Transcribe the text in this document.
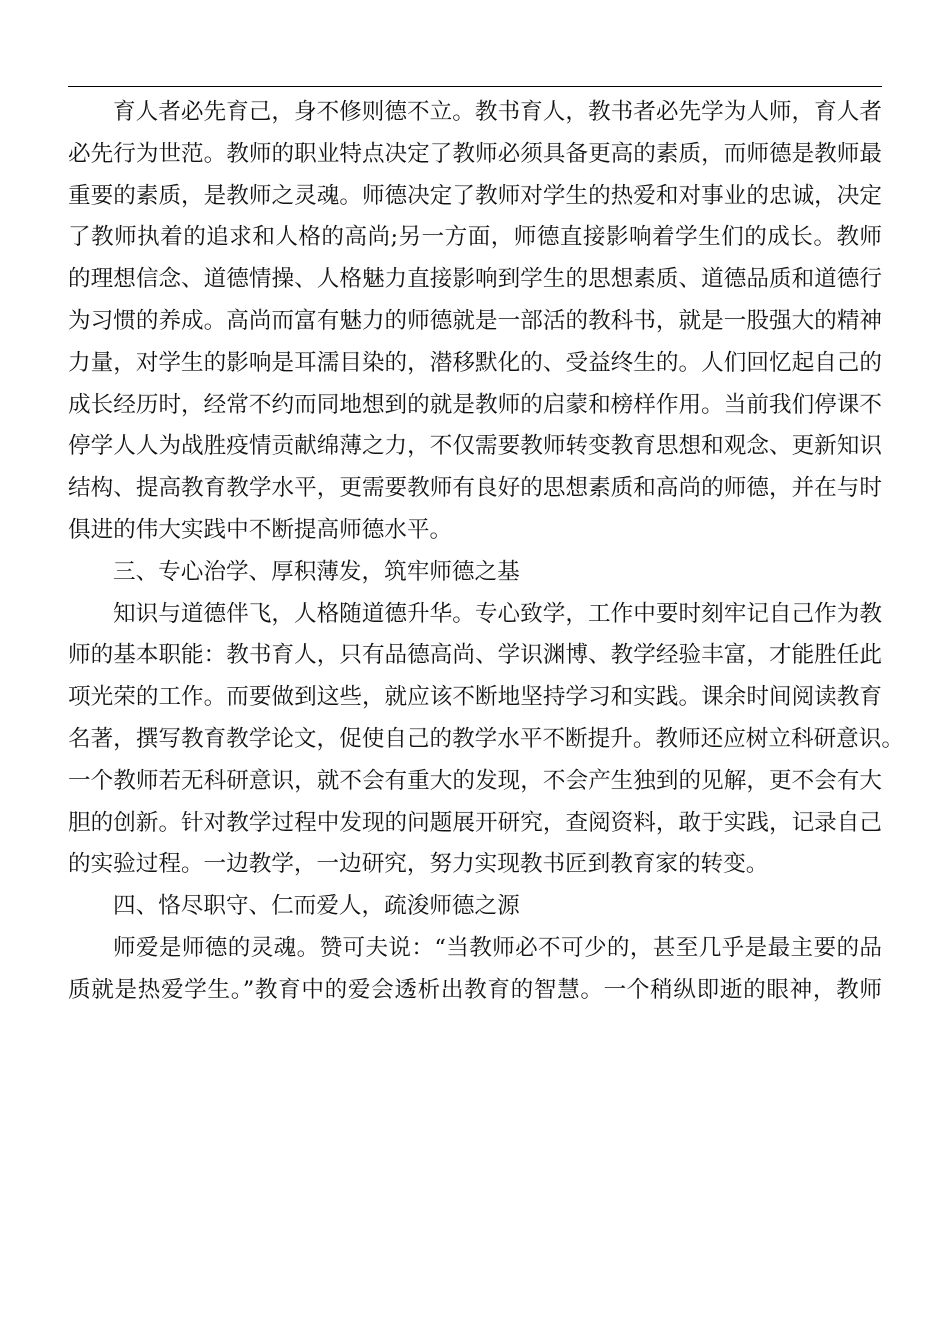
育人者必先育己，身不修则德不立。教书育人，教书者必先学为人师，育人者
必先行为世范。教师的职业特点决定了教师必须具备更高的素质，而师德是教师最
重要的素质，是教师之灵魂。师德决定了教师对学生的热爱和对事业的忠诚，决定
了教师执着的追求和人格的高尚;另一方面，师德直接影响着学生们的成长。教师
的理想信念、道德情操、人格魅力直接影响到学生的思想素质、道德品质和道德行
为习惯的养成。高尚而富有魅力的师德就是一部活的教科书，就是一股强大的精神
力量，对学生的影响是耳濡目染的，潜移默化的、受益终生的。人们回忆起自己的
成长经历时，经常不约而同地想到的就是教师的启蒙和榜样作用。当前我们停课不
停学人人为战胜疫情贡献绵薄之力，不仅需要教师转变教育思想和观念、更新知识
结构、提高教育教学水平，更需要教师有良好的思想素质和高尚的师德，并在与时
俱进的伟大实践中不断提高师德水平。
三、专心治学、厚积薄发，筑牢师德之基
知识与道德伴飞，人格随道德升华。专心致学，工作中要时刻牢记自己作为教
师的基本职能：教书育人，只有品德高尚、学识渊博、教学经验丰富，才能胜任此
项光荣的工作。而要做到这些，就应该不断地坚持学习和实践。课余时间阅读教育
名著，撰写教育教学论文，促使自己的教学水平不断提升。教师还应树立科研意识。
一个教师若无科研意识，就不会有重大的发现，不会产生独到的见解，更不会有大
胆的创新。针对教学过程中发现的问题展开研究，查阅资料，敢于实践，记录自己
的实验过程。一边教学，一边研究，努力实现教书匠到教育家的转变。
四、恪尽职守、仁而爱人，疏浚师德之源
师爱是师德的灵魂。赞可夫说：“当教师必不可少的，甚至几乎是最主要的品
质就是热爱学生。”教育中的爱会透析出教育的智慧。一个稍纵即逝的眼神，教师
